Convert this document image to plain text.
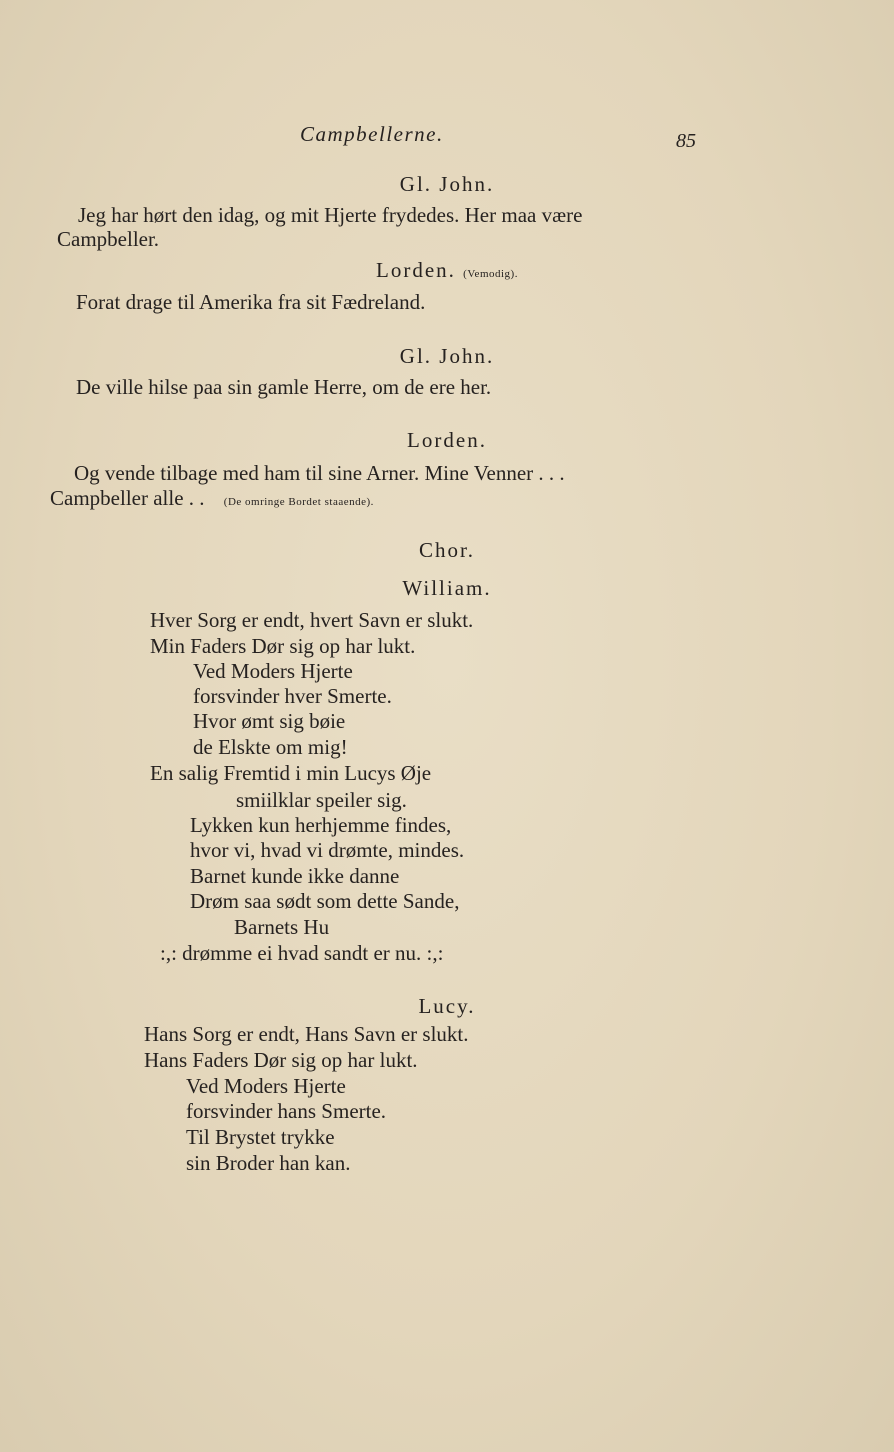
Campbellerne.	85
Gl. John.
Jeg har hørt den idag, og mit Hjerte frydedes. Her maa være
Campbeller.
Lorden. (Vemodig).
Forat drage til Amerika fra sit Fædreland.
Gl. John.
De ville hilse paa sin gamle Herre, om de ere her.
Lorden.
Og vende tilbage med ham til sine Arner. Mine Venner . . .
Campbeller alle . . (De omringe Bordet staaende).
Chor.
William.
Hver Sorg er endt, hvert Savn er slukt.
Min Faders Dør sig op har lukt.
Ved Moders Hjerte
forsvinder hver Smerte.
Hvor ømt sig bøie
de Elskte om mig!
En salig Fremtid i min Lucys Øje
smiilklar speiler sig.
Lykken kun herhjemme findes,
hvor vi, hvad vi drømte, mindes.
Barnet kunde ikke danne
Drøm saa sødt som dette Sande,
Barnets Hu
:,: drømme ei hvad sandt er nu. :,:
Lucy.
Hans Sorg er endt, Hans Savn er slukt.
Hans Faders Dør sig op har lukt.
Ved Moders Hjerte
forsvinder hans Smerte.
Til Brystet trykke
sin Broder han kan.
